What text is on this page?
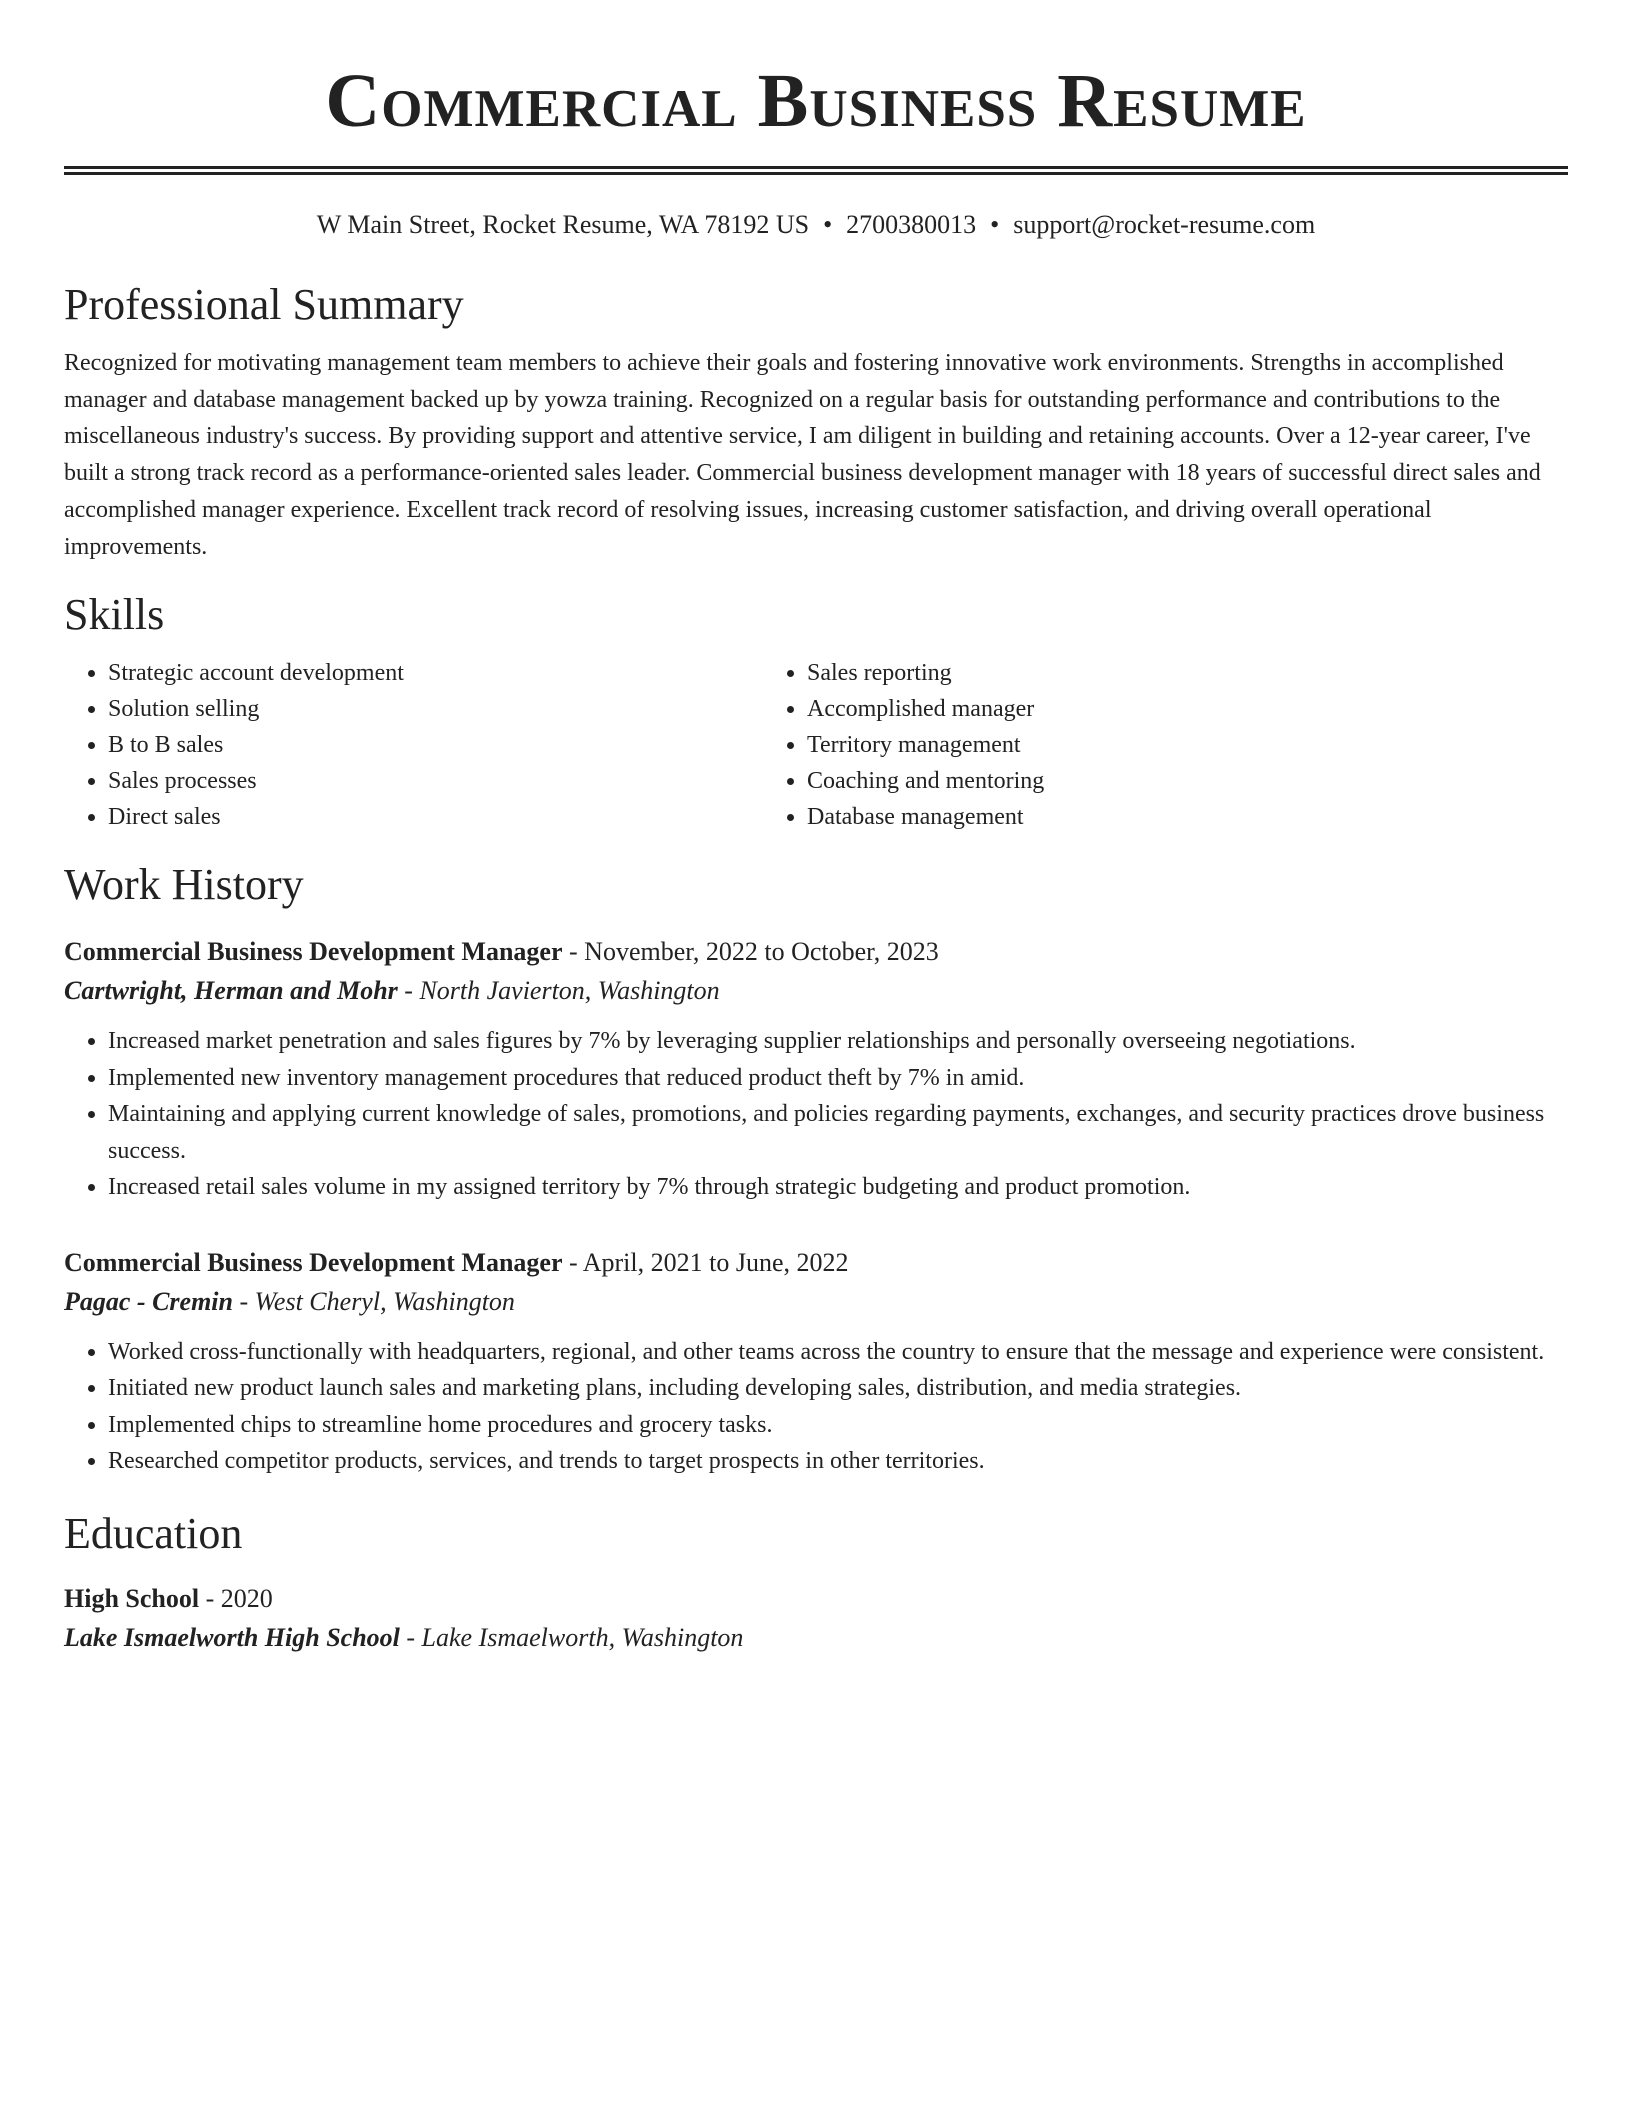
Commercial Business Resume
W Main Street, Rocket Resume, WA 78192 US • 2700380013 • support@rocket-resume.com
Professional Summary
Recognized for motivating management team members to achieve their goals and fostering innovative work environments. Strengths in accomplished manager and database management backed up by yowza training. Recognized on a regular basis for outstanding performance and contributions to the miscellaneous industry's success. By providing support and attentive service, I am diligent in building and retaining accounts. Over a 12-year career, I've built a strong track record as a performance-oriented sales leader. Commercial business development manager with 18 years of successful direct sales and accomplished manager experience. Excellent track record of resolving issues, increasing customer satisfaction, and driving overall operational improvements.
Skills
• Strategic account development
• Solution selling
• B to B sales
• Sales processes
• Direct sales
• Sales reporting
• Accomplished manager
• Territory management
• Coaching and mentoring
• Database management
Work History
Commercial Business Development Manager - November, 2022 to October, 2023
Cartwright, Herman and Mohr - North Javierton, Washington
• Increased market penetration and sales figures by 7% by leveraging supplier relationships and personally overseeing negotiations.
• Implemented new inventory management procedures that reduced product theft by 7% in amid.
• Maintaining and applying current knowledge of sales, promotions, and policies regarding payments, exchanges, and security practices drove business success.
• Increased retail sales volume in my assigned territory by 7% through strategic budgeting and product promotion.
Commercial Business Development Manager - April, 2021 to June, 2022
Pagac - Cremin - West Cheryl, Washington
• Worked cross-functionally with headquarters, regional, and other teams across the country to ensure that the message and experience were consistent.
• Initiated new product launch sales and marketing plans, including developing sales, distribution, and media strategies.
• Implemented chips to streamline home procedures and grocery tasks.
• Researched competitor products, services, and trends to target prospects in other territories.
Education
High School - 2020
Lake Ismaelworth High School - Lake Ismaelworth, Washington
